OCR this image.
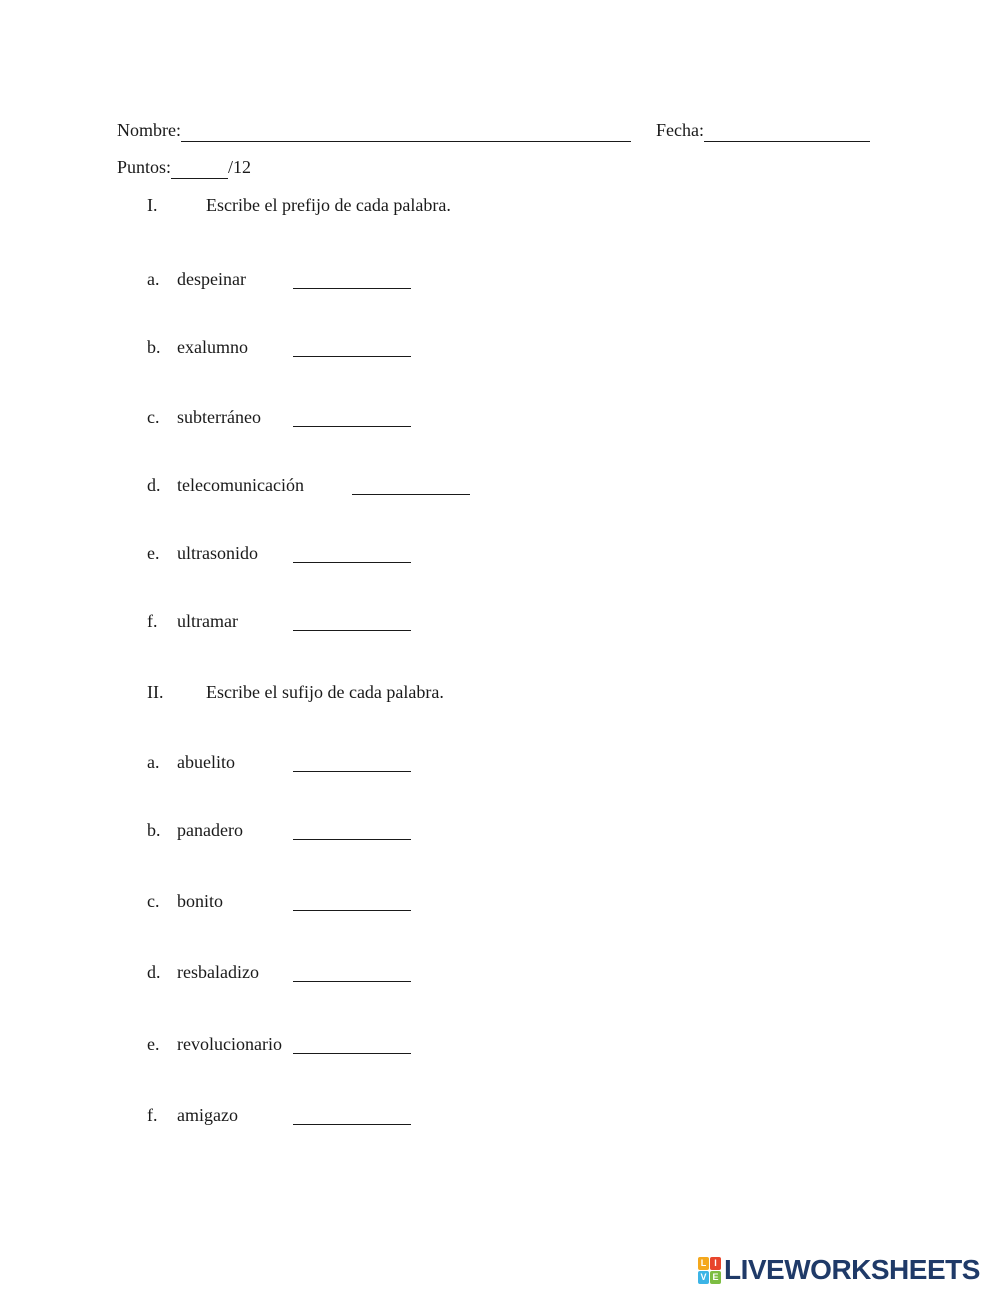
Nombre:	Fecha:
Puntos:	/12
I.	Escribe el prefijo de cada palabra.
a. despeinar
b. exalumno
c. subterráneo
d. telecomunicación
e. ultrasonido
f. ultramar
II. Escribe el sufijo de cada palabra.
a. abuelito
b. panadero
c. bonito
d. resbaladizo
e. revolucionario
f. amigazo
L I
V E LIVEWORKSHEETS
